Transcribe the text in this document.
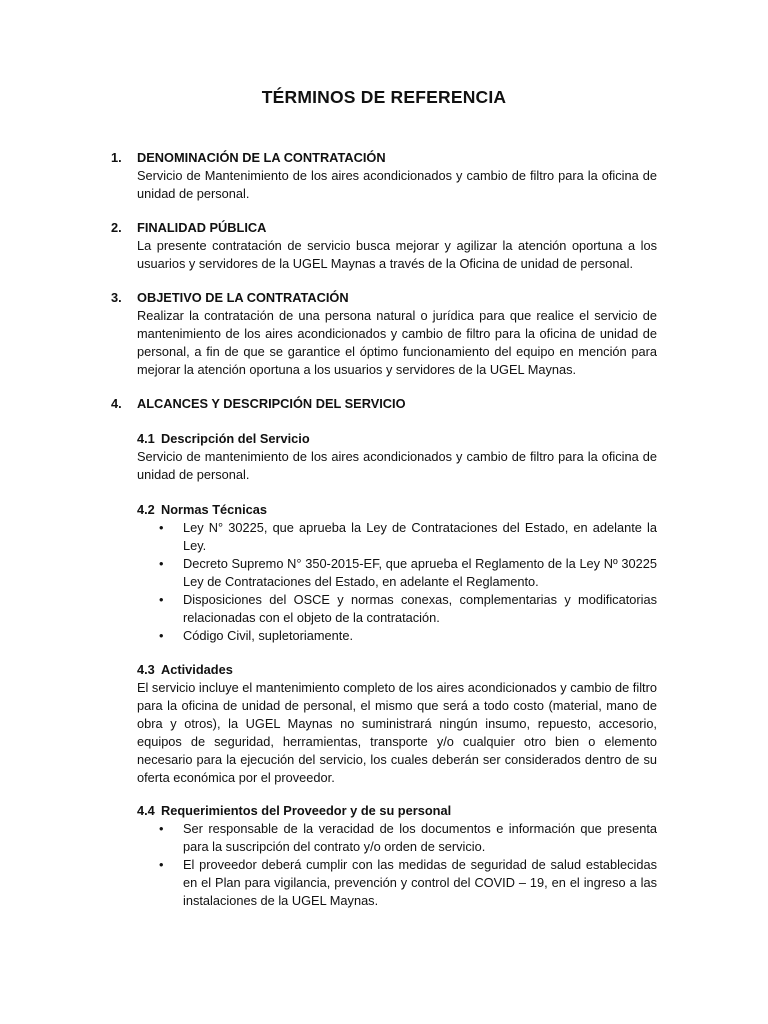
TÉRMINOS DE REFERENCIA
1. DENOMINACIÓN DE LA CONTRATACIÓN
Servicio de Mantenimiento de los aires acondicionados y cambio de filtro para la oficina de unidad de personal.
2. FINALIDAD PÚBLICA
La presente contratación de servicio busca mejorar y agilizar la atención oportuna a los usuarios y servidores de la UGEL Maynas a través de la Oficina de unidad de personal.
3. OBJETIVO DE LA CONTRATACIÓN
Realizar la contratación de una persona natural o jurídica para que realice el servicio de mantenimiento de los aires acondicionados y cambio de filtro para la oficina de unidad de personal, a fin de que se garantice el óptimo funcionamiento del equipo en mención para mejorar la atención oportuna a los usuarios y servidores de la UGEL Maynas.
4. ALCANCES Y DESCRIPCIÓN DEL SERVICIO
4.1 Descripción del Servicio
Servicio de mantenimiento de los aires acondicionados y cambio de filtro para la oficina de unidad de personal.
4.2 Normas Técnicas
• Ley N° 30225, que aprueba la Ley de Contrataciones del Estado, en adelante la Ley.
• Decreto Supremo N° 350-2015-EF, que aprueba el Reglamento de la Ley Nº 30225 Ley de Contrataciones del Estado, en adelante el Reglamento.
• Disposiciones del OSCE y normas conexas, complementarias y modificatorias relacionadas con el objeto de la contratación.
• Código Civil, supletoriamente.
4.3 Actividades
El servicio incluye el mantenimiento completo de los aires acondicionados y cambio de filtro para la oficina de unidad de personal, el mismo que será a todo costo (material, mano de obra y otros), la UGEL Maynas no suministrará ningún insumo, repuesto, accesorio, equipos de seguridad, herramientas, transporte y/o cualquier otro bien o elemento necesario para la ejecución del servicio, los cuales deberán ser considerados dentro de su oferta económica por el proveedor.
4.4 Requerimientos del Proveedor y de su personal
• Ser responsable de la veracidad de los documentos e información que presenta para la suscripción del contrato y/o orden de servicio.
• El proveedor deberá cumplir con las medidas de seguridad de salud establecidas en el Plan para vigilancia, prevención y control del COVID – 19, en el ingreso a las instalaciones de la UGEL Maynas.
